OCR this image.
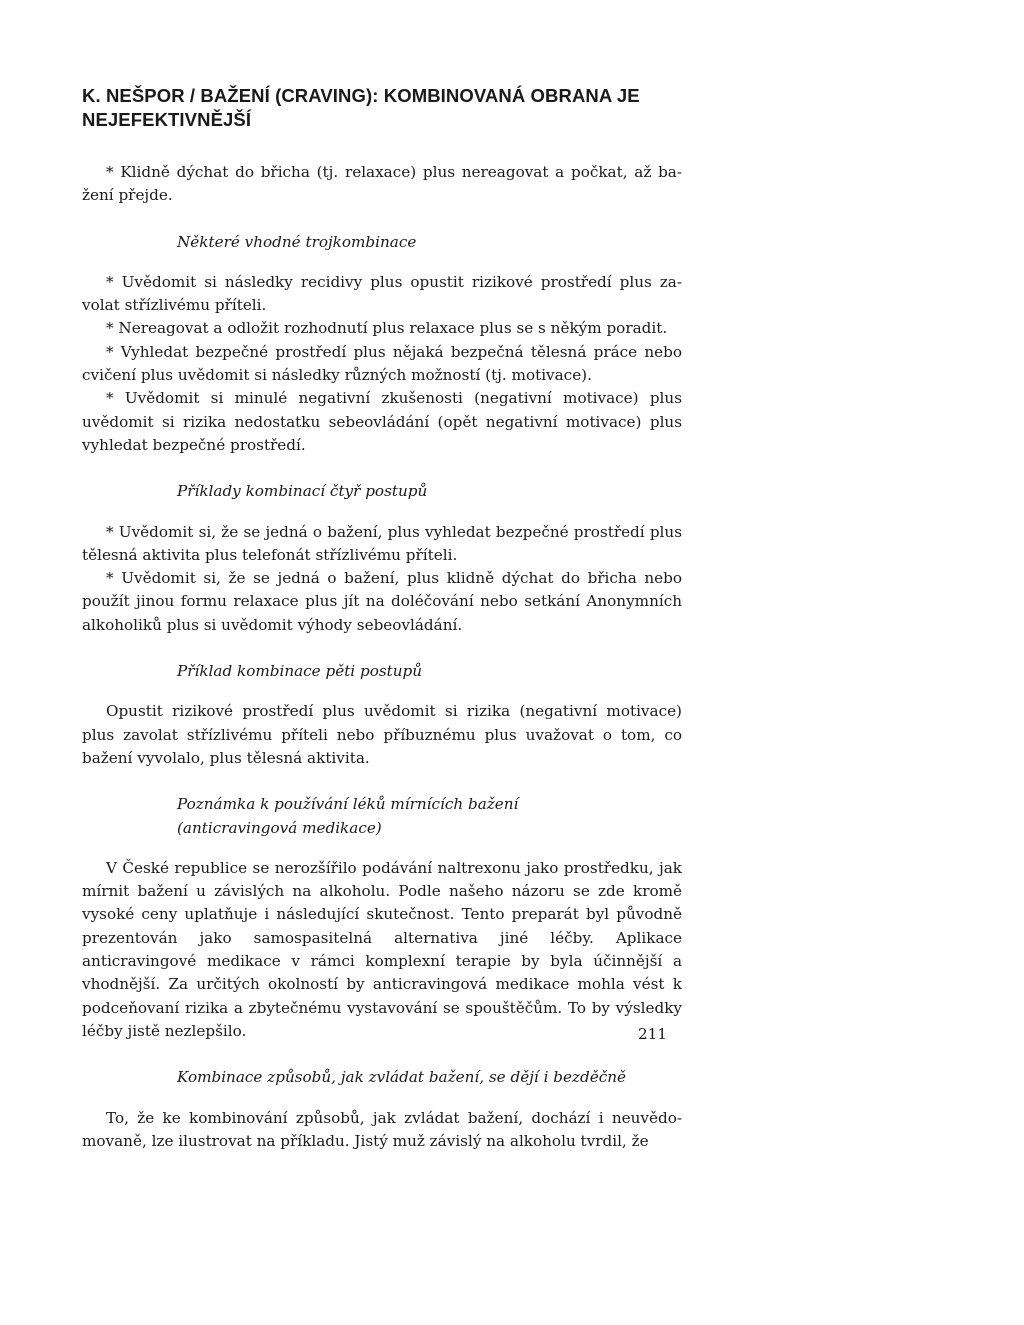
K. NEŠPOR / BAŽENÍ (CRAVING): KOMBINOVANÁ OBRANA JE NEJEFEKTIVNĚJŠÍ

* Klidně dýchat do břicha (tj. relaxace) plus nereagovat a počkat, až bažení přejde.

Některé vhodné trojkombinace

* Uvědomit si následky recidivy plus opustit rizikové prostředí plus zavolat střízlivému příteli.

* Nereagovat a odložit rozhodnutí plus relaxace plus se s někým poradit.

* Vyhledat bezpečné prostředí plus nějaká bezpečná tělesná práce nebo cvičení plus uvědomit si následky různých možností (tj. motivace).

* Uvědomit si minulé negativní zkušenosti (negativní motivace) plus uvědomit si rizika nedostatku sebeovládání (opět negativní motivace) plus vyhledat bezpečné prostředí.

Příklady kombinací čtyř postupů

* Uvědomit si, že se jedná o bažení, plus vyhledat bezpečné prostředí plus tělesná aktivita plus telefonát střízlivému příteli.

* Uvědomit si, že se jedná o bažení, plus klidně dýchat do břicha nebo použít jinou formu relaxace plus jít na doléčování nebo setkání Anonymních alkoholiků plus si uvědomit výhody sebeovládání.

Příklad kombinace pěti postupů

Opustit rizikové prostředí plus uvědomit si rizika (negativní motivace) plus zavolat střízlivému příteli nebo příbuznému plus uvažovat o tom, co bažení vyvolalo, plus tělesná aktivita.

Poznámka k používání léků mírnících bažení
(anticravingová medikace)

V České republice se nerozšířilo podávání naltrexonu jako prostředku, jak mírnit bažení u závislých na alkoholu. Podle našeho názoru se zde kromě vysoké ceny uplatňuje i následující skutečnost. Tento preparát byl původně prezentován jako samospasitelná alternativa jiné léčby. Aplikace anticravingové medikace v rámci komplexní terapie by byla účinnější a vhodnější. Za určitých okolností by anticravingová medikace mohla vést k podceňovaní rizika a zbytečnému vystavování se spouštěčům. To by výsledky léčby jistě nezlepšilo.

Kombinace způsobů, jak zvládat bažení, se dějí i bezděčně

To, že ke kombinování způsobů, jak zvládat bažení, dochází i neuvědomovaně, lze ilustrovat na příkladu. Jistý muž závislý na alkoholu tvrdil, že

211
